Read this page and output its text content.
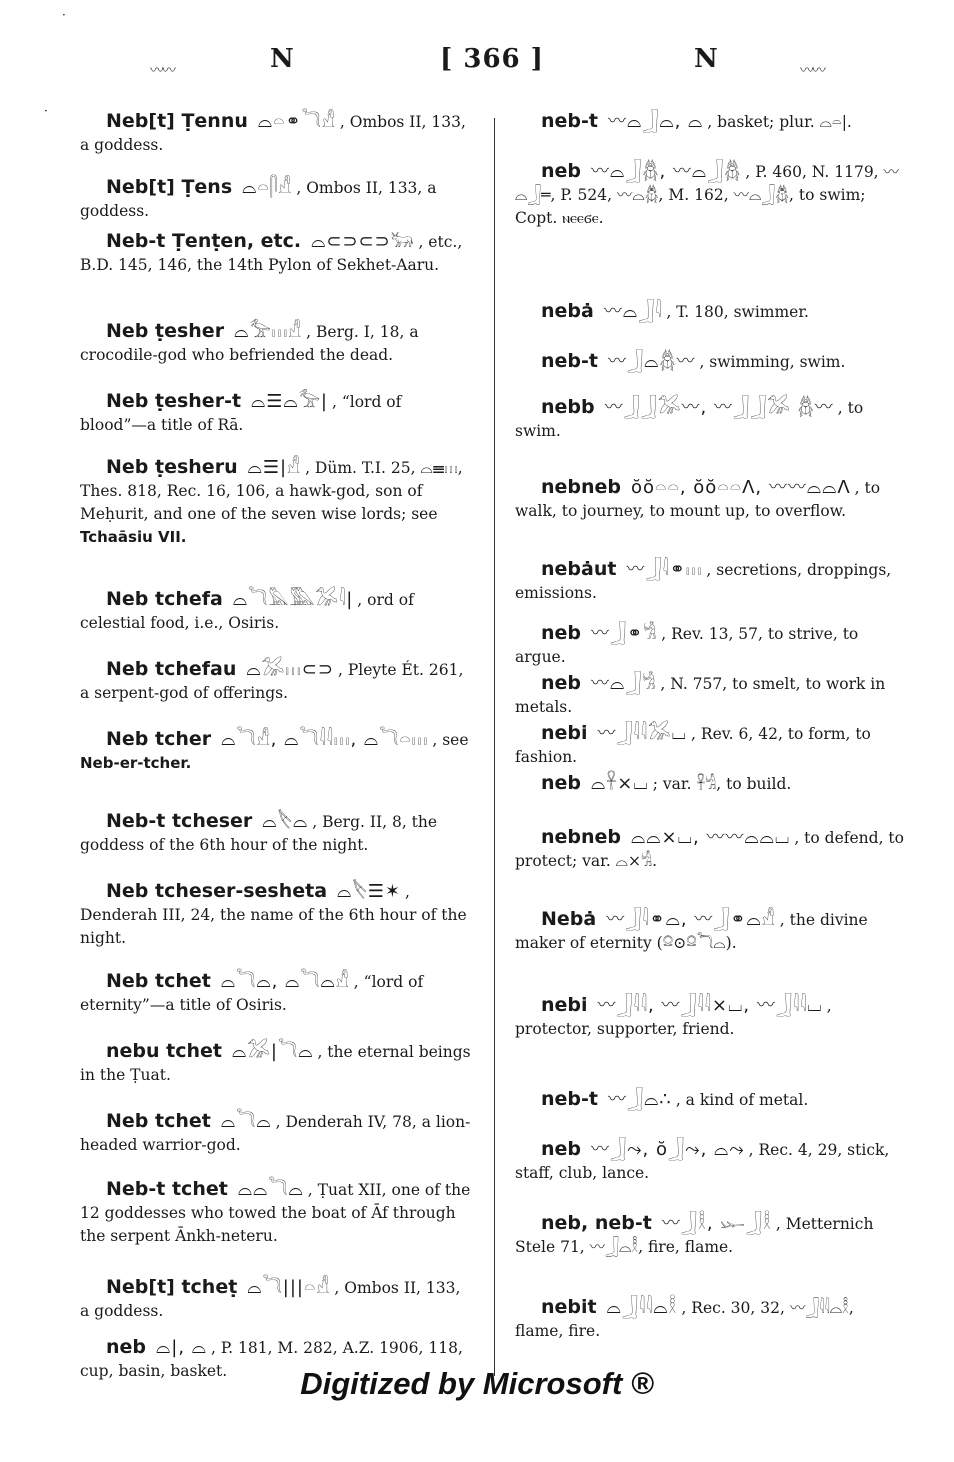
〰〰	N	[ 366 ]	N	〰〰
·
·	Neb[t] Ṭennu ⌓𓏏⚭𓆓𓀭 , Ombos II, 133, a goddess.

Neb[t] Ṭens ⌓𓏏𓋴𓀭 , Ombos II, 133, a goddess.

Neb-t Ṭenṭen, etc. ⌓⊂⊃⊂⊃𓃒 , etc., B.D. 145, 146, the 14th Pylon of Sekhet-Aaru.

Neb ṭesher ⌓𓅡𓏥𓀭 , Berg. I, 18, a crocodile-god who befriended the dead.

Neb ṭesher-t ⌓☰⌓𓅡| , “lord of blood”—a title of Rā.

Neb ṭesheru ⌓☰|𓀭 , Düm. T.I. 25, ⌓☰𓏥, Thes. 818, Rec. 16, 106, a hawk-god, son of Meḥurit, and one of the seven wise lords; see Tchaāsiu VII.

Neb tchefa ⌓𓆓𓅓𓅔𓅮𓇋| , ord of celestial food, i.e., Osiris.

Neb tchefau ⌓𓅮𓏥⊂⊃ , Pleyte Ét. 261, a serpent-god of offerings.

Neb tcher ⌓𓆓𓀭, ⌓𓆓𓇋𓇋𓏥, ⌓𓆓𓏏𓏥 , see Neb-er-tcher.

Neb-t tcheser ⌓𓌸⌓ , Berg. II, 8, the goddess of the 6th hour of the night.

Neb tcheser-sesheta ⌓𓌸☰✶ , Denderah III, 24, the name of the 6th hour of the night.

Neb tchet ⌓𓆓⌓, ⌓𓆓⌓𓀭 , “lord of eternity”—a title of Osiris.

nebu tchet ⌓𓅮|𓆓⌓ , the eternal beings in the Ṭuat.

Neb tchet ⌓𓆓⌓ , Denderah IV, 78, a lion-headed warrior-god.

Neb-t tchet ⌓⌓𓆓⌓ , Ṭuat XII, one of the 12 goddesses who towed the boat of Āf through the serpent Ānkh-neteru.

Neb[t] tcheṭ ⌓𓆓|||𓏏𓀭 , Ombos II, 133, a goddess.

neb ⌓|, ⌓ , P. 181, M. 282, A.Z. 1906, 118, cup, basin, basket.

neb-t 〰⌓𓃀⌓, ⌓ , basket; plur. ⌓𓏏|.

neb 〰⌓𓃀𓆣, 〰⌓𓃀𓆣 , P. 460, N. 1179, 〰⌓𓃀═, P. 524, 〰⌓𓆣, M. 162, 〰⌓𓃀𓆣, to swim; Copt. ⲛⲉⲉϭⲉ.

nebȧ 〰⌓𓃀𓇋 , T. 180, swimmer.

neb-t 〰𓃀⌓𓆣〰 , swimming, swim.

nebb 〰𓃀𓃀𓅮〰, 〰𓃀𓃀𓅮 𓆣〰 , to swim.

nebneb ŏŏ𓏏𓏏, ŏŏ𓏏𓏏Λ, 〰〰⌓⌓Λ , to walk, to journey, to mount up, to overflow.

nebȧut 〰𓃀𓇋⚭𓏥 , secretions, droppings, emissions.

neb 〰𓃀⚭𓀜 , Rev. 13, 57, to strive, to argue.

neb 〰⌓𓃀𓀜 , N. 757, to smelt, to work in metals.

nebi 〰𓃀𓇋𓇋𓅮⌴ , Rev. 6, 42, to form, to fashion.

neb ⌓𓋹×⌴ ; var. 𓋹𓀜, to build.

nebneb ⌓⌓×⌴, 〰〰⌓⌓⌴ , to defend, to protect; var. ⌓×𓀜.

Nebȧ 〰𓃀𓇋⚭⌓, 〰𓃀⚭⌓𓀭 , the divine maker of eternity (𓍶⊙𓍶𓆓⌓).

nebi 〰𓃀𓇋𓇋, 〰𓃀𓇋𓇋×⌴, 〰𓃀𓇋𓇋⌴ , protector, supporter, friend.

neb-t 〰𓃀⌓∴ , a kind of metal.

neb 〰𓃀⤳, ŏ𓃀⤳, ⌓⤳ , Rec. 4, 29, stick, staff, club, lance.

neb, neb-t 〰𓃀𓎛, 𓆱𓃀𓎛 , Metternich Stele 71, 〰𓃀⌓𓎛, fire, flame.

nebit ⌓𓃀𓇋𓇋⌓𓎛 , Rec. 30, 32, 〰𓃀𓇋𓇋⌓𓎛, flame, fire.

Digitized by Microsoft ®
